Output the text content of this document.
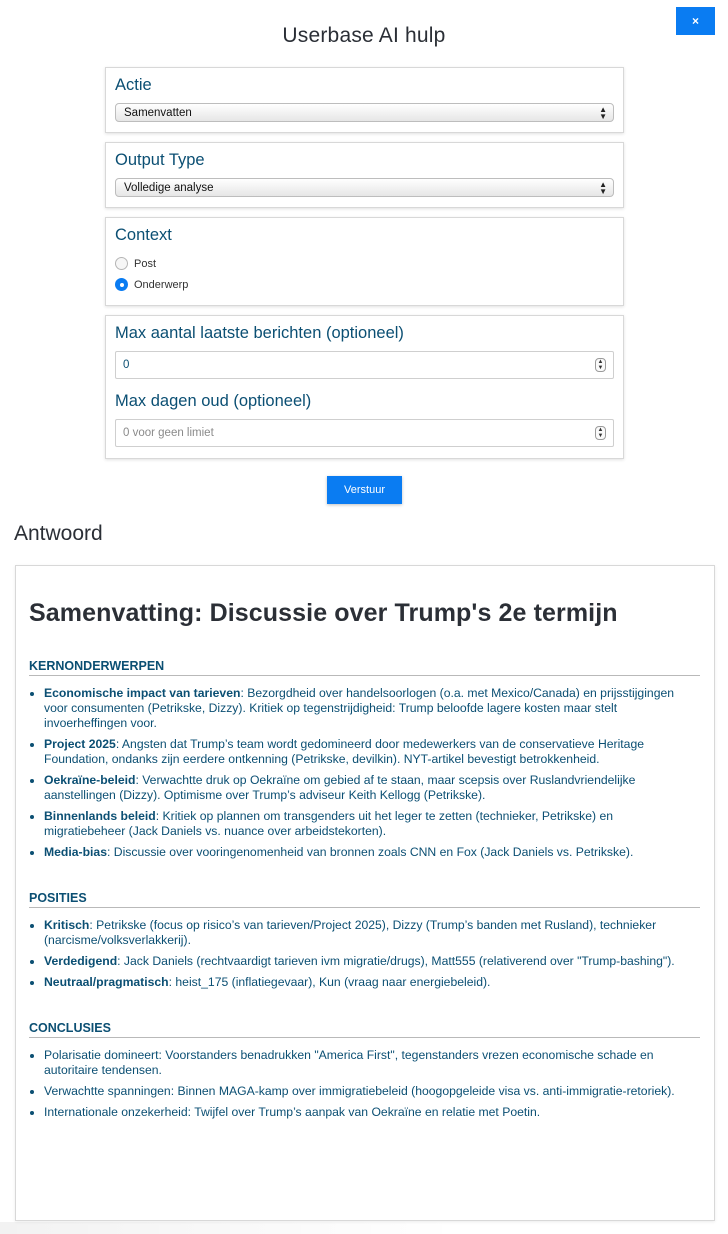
×
Userbase AI hulp
Actie
Samenvatten	▲
▼
Output Type
Volledige analyse	▲
▼
Context
Post
Onderwerp
Max aantal laatste berichten (optioneel)
0	▲
▼
Max dagen oud (optioneel)
0 voor geen limiet	▲
▼
Verstuur
Antwoord
Samenvatting: Discussie over Trump's 2e termijn
KERNONDERWERPEN
• Economische impact van tarieven: Bezorgdheid over handelsoorlogen (o.a. met Mexico/Canada) en prijsstijgingen voor consumenten (Petrikske, Dizzy). Kritiek op tegenstrijdigheid: Trump beloofde lagere kosten maar stelt invoerheffingen voor.
• Project 2025: Angsten dat Trump’s team wordt gedomineerd door medewerkers van de conservatieve Heritage Foundation, ondanks zijn eerdere ontkenning (Petrikske, devilkin). NYT-artikel bevestigt betrokkenheid.
• Oekraïne-beleid: Verwachtte druk op Oekraïne om gebied af te staan, maar scepsis over Ruslandvriendelijke aanstellingen (Dizzy). Optimisme over Trump’s adviseur Keith Kellogg (Petrikske).
• Binnenlands beleid: Kritiek op plannen om transgenders uit het leger te zetten (technieker, Petrikske) en migratiebeheer (Jack Daniels vs. nuance over arbeidstekorten).
• Media-bias: Discussie over vooringenomenheid van bronnen zoals CNN en Fox (Jack Daniels vs. Petrikske).
POSITIES
• Kritisch: Petrikske (focus op risico’s van tarieven/Project 2025), Dizzy (Trump’s banden met Rusland), technieker (narcisme/volksverlakkerij).
• Verdedigend: Jack Daniels (rechtvaardigt tarieven ivm migratie/drugs), Matt555 (relativerend over "Trump-bashing").
• Neutraal/pragmatisch: heist_175 (inflatiegevaar), Kun (vraag naar energiebeleid).
CONCLUSIES
• Polarisatie domineert: Voorstanders benadrukken "America First", tegenstanders vrezen economische schade en autoritaire tendensen.
• Verwachtte spanningen: Binnen MAGA-kamp over immigratiebeleid (hoogopgeleide visa vs. anti-immigratie-retoriek).
• Internationale onzekerheid: Twijfel over Trump’s aanpak van Oekraïne en relatie met Poetin.
